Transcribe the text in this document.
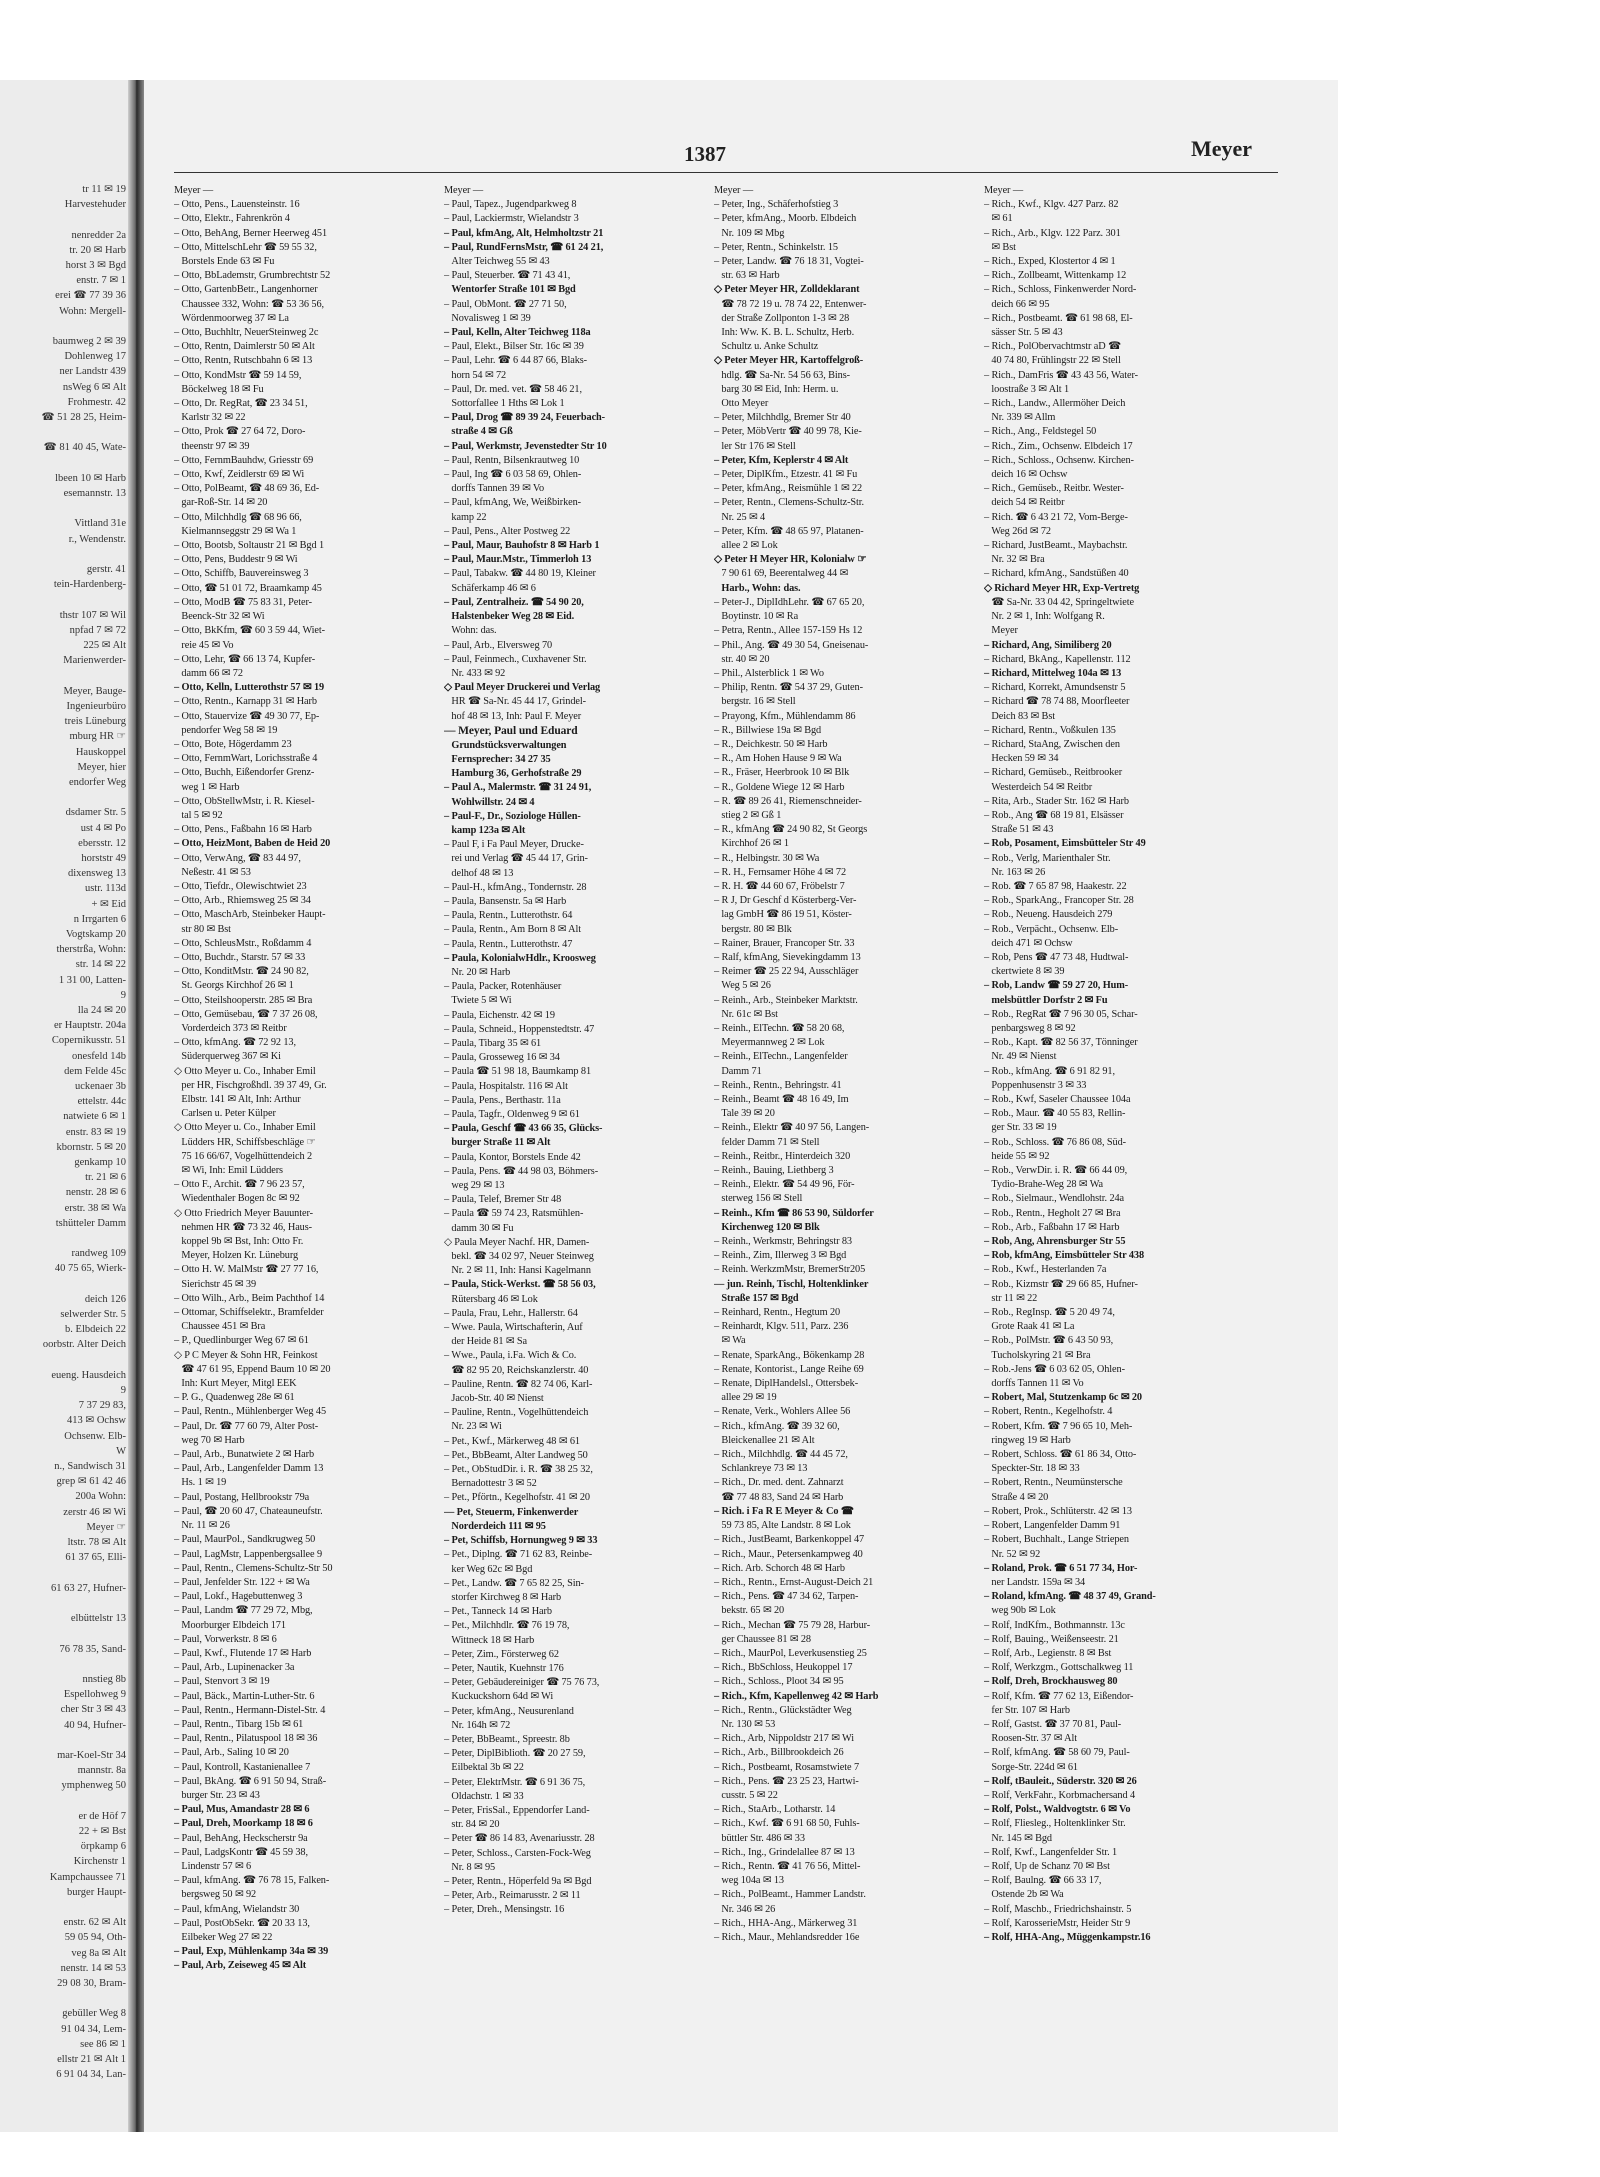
tr 11 ✉ 19
Harvestehuder

nenredder 2a
tr. 20 ✉ Harb
horst 3 ✉ Bgd
enstr. 7 ✉ 1
erei ☎ 77 39 36
Wohn: Mergell-

baumweg 2 ✉ 39
Dohlenweg 17
ner Landstr 439
nsWeg 6 ✉ Alt
Frohmestr. 42
☎ 51 28 25, Heim-

☎ 81 40 45, Wate-

lbeen 10 ✉ Harb
esemannstr. 13

Vittland 31e
r., Wendenstr.

gerstr. 41
tein-Hardenberg-

thstr 107 ✉ Wil
npfad 7 ✉ 72
225 ✉ Alt
Marienwerder-

Meyer, Bauge-
Ingenieurbüro
treis Lüneburg
mburg HR ☞
Hauskoppel
Meyer, hier
endorfer Weg

dsdamer Str. 5
ust 4 ✉ Po
ebersstr. 12
horststr 49
dixensweg 13
ustr. 113d
+ ✉ Eid
n Irrgarten 6
Vogtskamp 20
therstrßa, Wohn:
str. 14 ✉ 22
1 31 00, Latten-
9
lla 24 ✉ 20
er Hauptstr. 204a
Copernikusstr. 51
onesfeld 14b
dem Felde 45c
uckenaer 3b
ettelstr. 44c
natwiete 6 ✉ 1
enstr. 83 ✉ 19
kbornstr. 5 ✉ 20
genkamp 10
tr. 21 ✉ 6
nenstr. 28 ✉ 6
erstr. 38 ✉ Wa
tshütteler Damm

randweg 109
40 75 65, Wierk-

deich 126
selwerder Str. 5
b. Elbdeich 22
oorbstr. Alter Deich

eueng. Hausdeich
9
7 37 29 83,
413 ✉ Ochsw
Ochsenw. Elb-
W
n., Sandwisch 31
grep ✉ 61 42 46
200a Wohn:
zerstr 46 ✉ Wi
Meyer ☞
ltstr. 78 ✉ Alt
61 37 65, Elli-

61 63 27, Hufner-

elbüttelstr 13

76 78 35, Sand-

nnstieg 8b
Espellohweg 9
cher Str 3 ✉ 43
40 94, Hufner-

mar-Koel-Str 34
mannstr. 8a
ymphenweg 50

er de Höf 7
22 + ✉ Bst
örpkamp 6
Kirchenstr 1
Kampchaussee 71
burger Haupt-

enstr. 62 ✉ Alt
59 05 94, Oth-
veg 8a ✉ Alt
nenstr. 14 ✉ 53
29 08 30, Bram-

gebüller Weg 8
91 04 34, Lem-
see 86 ✉ 1
ellstr 21 ✉ Alt 1
6 91 04 34, Lan-
1387	Meyer
Meyer —
– Otto, Pens., Lauensteinstr. 16
– Otto, Elektr., Fahrenkrön 4
– Otto, BehAng, Berner Heerweg 451
– Otto, MittelschLehr ☎ 59 55 32,
Borstels Ende 63 ✉ Fu
– Otto, BbLademstr, Grumbrechtstr 52
– Otto, GartenbBetr., Langenhorner
Chaussee 332, Wohn: ☎ 53 36 56,
Wördenmoorweg 37 ✉ La
– Otto, Buchhltr, NeuerSteinweg 2c
– Otto, Rentn, Daimlerstr 50 ✉ Alt
– Otto, Rentn, Rutschbahn 6 ✉ 13
– Otto, KondMstr ☎ 59 14 59,
Böckelweg 18 ✉ Fu
– Otto, Dr. RegRat, ☎ 23 34 51,
Karlstr 32 ✉ 22
– Otto, Prok ☎ 27 64 72, Doro-
theenstr 97 ✉ 39
– Otto, FernmBauhdw, Griesstr 69
– Otto, Kwf, Zeidlerstr 69 ✉ Wi
– Otto, PolBeamt, ☎ 48 69 36, Ed-
gar-Roß-Str. 14 ✉ 20
– Otto, Milchhdlg ☎ 68 96 66,
Kielmannseggstr 29 ✉ Wa 1
– Otto, Bootsb, Soltaustr 21 ✉ Bgd 1
– Otto, Pens, Buddestr 9 ✉ Wi
– Otto, Schiffb, Bauvereinsweg 3
– Otto, ☎ 51 01 72, Braamkamp 45
– Otto, ModB ☎ 75 83 31, Peter-
Beenck-Str 32 ✉ Wi
– Otto, BkKfm, ☎ 60 3 59 44, Wiet-
reie 45 ✉ Vo
– Otto, Lehr, ☎ 66 13 74, Kupfer-
damm 66 ✉ 72
– Otto, Kelln, Lutterothstr 57 ✉ 19
– Otto, Rentn., Karnapp 31 ✉ Harb
– Otto, Stauervize ☎ 49 30 77, Ep-
pendorfer Weg 58 ✉ 19
– Otto, Bote, Högerdamm 23
– Otto, FernmWart, Lorichsstraße 4
– Otto, Buchh, Eißendorfer Grenz-
weg 1 ✉ Harb
– Otto, ObStellwMstr, i. R. Kiesel-
tal 5 ✉ 92
– Otto, Pens., Faßbahn 16 ✉ Harb
– Otto, HeizMont, Baben de Heid 20
– Otto, VerwAng, ☎ 83 44 97,
Neßestr. 41 ✉ 53
– Otto, Tiefdr., Olewischtwiet 23
– Otto, Arb., Rhiemsweg 25 ✉ 34
– Otto, MaschArb, Steinbeker Haupt-
str 80 ✉ Bst
– Otto, SchleusMstr., Roßdamm 4
– Otto, Buchdr., Starstr. 57 ✉ 33
– Otto, KonditMstr. ☎ 24 90 82,
St. Georgs Kirchhof 26 ✉ 1
– Otto, Steilshooperstr. 285 ✉ Bra
– Otto, Gemüsebau, ☎ 7 37 26 08,
Vorderdeich 373 ✉ Reitbr
– Otto, kfmAng. ☎ 72 92 13,
Süderquerweg 367 ✉ Ki
◇ Otto Meyer u. Co., Inhaber Emil
per HR, Fischgroßhdl. 39 37 49, Gr.
Elbstr. 141 ✉ Alt, Inh: Arthur
Carlsen u. Peter Külper
◇ Otto Meyer u. Co., Inhaber Emil
Lüdders HR, Schiffsbeschläge ☞
75 16 66/67, Vogelhüttendeich 2
✉ Wi, Inh: Emil Lüdders
– Otto F., Archit. ☎ 7 96 23 57,
Wiedenthaler Bogen 8c ✉ 92
◇ Otto Friedrich Meyer Bauunter-
nehmen HR ☎ 73 32 46, Haus-
koppel 9b ✉ Bst, Inh: Otto Fr.
Meyer, Holzen Kr. Lüneburg
– Otto H. W. MalMstr ☎ 27 77 16,
Sierichstr 45 ✉ 39
– Otto Wilh., Arb., Beim Pachthof 14
– Ottomar, Schiffselektr., Bramfelder
Chaussee 451 ✉ Bra
– P., Quedlinburger Weg 67 ✉ 61
◇ P C Meyer & Sohn HR, Feinkost
☎ 47 61 95, Eppend Baum 10 ✉ 20
Inh: Kurt Meyer, Mitgl EEK
– P. G., Quadenweg 28e ✉ 61
– Paul, Rentn., Mühlenberger Weg 45
– Paul, Dr. ☎ 77 60 79, Alter Post-
weg 70 ✉ Harb
– Paul, Arb., Bunatwiete 2 ✉ Harb
– Paul, Arb., Langenfelder Damm 13
Hs. 1 ✉ 19
– Paul, Postang, Hellbrookstr 79a
– Paul, ☎ 20 60 47, Chateauneufstr.
Nr. 11 ✉ 26
– Paul, MaurPol., Sandkrugweg 50
– Paul, LagMstr, Lappenbergsallee 9
– Paul, Rentn., Clemens-Schultz-Str 50
– Paul, Jenfelder Str. 122 + ✉ Wa
– Paul, Lokf., Hagebuttenweg 3
– Paul, Landm ☎ 77 29 72, Mbg,
Moorburger Elbdeich 171
– Paul, Vorwerkstr. 8 ✉ 6
– Paul, Kwf., Flutende 17 ✉ Harb
– Paul, Arb., Lupinenacker 3a
– Paul, Stenvort 3 ✉ 19
– Paul, Bäck., Martin-Luther-Str. 6
– Paul, Rentn., Hermann-Distel-Str. 4
– Paul, Rentn., Tibarg 15b ✉ 61
– Paul, Rentn., Pilatuspool 18 ✉ 36
– Paul, Arb., Saling 10 ✉ 20
– Paul, Kontroll, Kastanienallee 7
– Paul, BkAng. ☎ 6 91 50 94, Straß-
burger Str. 23 ✉ 43
– Paul, Mus, Amandastr 28 ✉ 6
– Paul, Dreh, Moorkamp 18 ✉ 6
– Paul, BehAng, Heckscherstr 9a
– Paul, LadgsKontr ☎ 45 59 38,
Lindenstr 57 ✉ 6
– Paul, kfmAng. ☎ 76 78 15, Falken-
bergsweg 50 ✉ 92
– Paul, kfmAng, Wielandstr 30
– Paul, PostObSekr. ☎ 20 33 13,
Eilbeker Weg 27 ✉ 22
– Paul, Exp, Mühlenkamp 34a ✉ 39
– Paul, Arb, Zeiseweg 45 ✉ Alt
Meyer —
– Paul, Tapez., Jugendparkweg 8
– Paul, Lackiermstr, Wielandstr 3
– Paul, kfmAng, Alt, Helmholtzstr 21
– Paul, RundFernsMstr, ☎ 61 24 21,
Alter Teichweg 55 ✉ 43
– Paul, Steuerber. ☎ 71 43 41,
Wentorfer Straße 101 ✉ Bgd
– Paul, ObMont. ☎ 27 71 50,
Novalisweg 1 ✉ 39
– Paul, Kelln, Alter Teichweg 118a
– Paul, Elekt., Bilser Str. 16c ✉ 39
– Paul, Lehr. ☎ 6 44 87 66, Blaks-
horn 54 ✉ 72
– Paul, Dr. med. vet. ☎ 58 46 21,
Sottorfallee 1 Hths ✉ Lok 1
– Paul, Drog ☎ 89 39 24, Feuerbach-
straße 4 ✉ Gß
– Paul, Werkmstr, Jevenstedter Str 10
– Paul, Rentn, Bilsenkrautweg 10
– Paul, Ing ☎ 6 03 58 69, Ohlen-
dorffs Tannen 39 ✉ Vo
– Paul, kfmAng, We, Weißbirken-
kamp 22
– Paul, Pens., Alter Postweg 22
– Paul, Maur, Bauhofstr 8 ✉ Harb 1
– Paul, Maur.Mstr., Timmerloh 13
– Paul, Tabakw. ☎ 44 80 19, Kleiner
Schäferkamp 46 ✉ 6
– Paul, Zentralheiz. ☎ 54 90 20,
Halstenbeker Weg 28 ✉ Eid.
Wohn: das.
– Paul, Arb., Elversweg 70
– Paul, Feinmech., Cuxhavener Str.
Nr. 433 ✉ 92
◇ Paul Meyer Druckerei und Verlag
HR ☎ Sa-Nr. 45 44 17, Grindel-
hof 48 ✉ 13, Inh: Paul F. Meyer
— Meyer, Paul und Eduard
Grundstücksverwaltungen
Fernsprecher: 34 27 35
Hamburg 36, Gerhofstraße 29
– Paul A., Malermstr. ☎ 31 24 91,
Wohlwillstr. 24 ✉ 4
– Paul-F., Dr., Soziologe Hüllen-
kamp 123a ✉ Alt
– Paul F, i Fa Paul Meyer, Drucke-
rei und Verlag ☎ 45 44 17, Grin-
delhof 48 ✉ 13
– Paul-H., kfmAng., Tondernstr. 28
– Paula, Bansenstr. 5a ✉ Harb
– Paula, Rentn., Lutterothstr. 64
– Paula, Rentn., Am Born 8 ✉ Alt
– Paula, Rentn., Lutterothstr. 47
– Paula, KolonialwHdlr., Kroosweg
Nr. 20 ✉ Harb
– Paula, Packer, Rotenhäuser
Twiete 5 ✉ Wi
– Paula, Eichenstr. 42 ✉ 19
– Paula, Schneid., Hoppenstedtstr. 47
– Paula, Tibarg 35 ✉ 61
– Paula, Grosseweg 16 ✉ 34
– Paula ☎ 51 98 18, Baumkamp 81
– Paula, Hospitalstr. 116 ✉ Alt
– Paula, Pens., Berthastr. 11a
– Paula, Tagfr., Oldenweg 9 ✉ 61
– Paula, Geschf ☎ 43 66 35, Glücks-
burger Straße 11 ✉ Alt
– Paula, Kontor, Borstels Ende 42
– Paula, Pens. ☎ 44 98 03, Böhmers-
weg 29 ✉ 13
– Paula, Telef, Bremer Str 48
– Paula ☎ 59 74 23, Ratsmühlen-
damm 30 ✉ Fu
◇ Paula Meyer Nachf. HR, Damen-
bekl. ☎ 34 02 97, Neuer Steinweg
Nr. 2 ✉ 11, Inh: Hansi Kagelmann
– Paula, Stick-Werkst. ☎ 58 56 03,
Rütersbarg 46 ✉ Lok
– Paula, Frau, Lehr., Hallerstr. 64
– Wwe. Paula, Wirtschafterin, Auf
der Heide 81 ✉ Sa
– Wwe., Paula, i.Fa. Wich & Co.
☎ 82 95 20, Reichskanzlerstr. 40
– Pauline, Rentn. ☎ 82 74 06, Karl-
Jacob-Str. 40 ✉ Nienst
– Pauline, Rentn., Vogelhüttendeich
Nr. 23 ✉ Wi
– Pet., Kwf., Märkerweg 48 ✉ 61
– Pet., BbBeamt, Alter Landweg 50
– Pet., ObStudDir. i. R. ☎ 38 25 32,
Bernadottestr 3 ✉ 52
– Pet., Pförtn., Kegelhofstr. 41 ✉ 20
— Pet, Steuerm, Finkenwerder
Norderdeich 111 ✉ 95
– Pet, Schiffsb, Hornungweg 9 ✉ 33
– Pet., Diplng. ☎ 71 62 83, Reinbe-
ker Weg 62c ✉ Bgd
– Pet., Landw. ☎ 7 65 82 25, Sin-
storfer Kirchweg 8 ✉ Harb
– Pet., Tanneck 14 ✉ Harb
– Pet., Milchhdlr. ☎ 76 19 78,
Wittneck 18 ✉ Harb
– Peter, Zim., Försterweg 62
– Peter, Nautik, Kuehnstr 176
– Peter, Gebäudereiniger ☎ 75 76 73,
Kuckuckshorn 64d ✉ Wi
– Peter, kfmAng., Neusurenland
Nr. 164h ✉ 72
– Peter, BbBeamt., Spreestr. 8b
– Peter, DiplBiblioth. ☎ 20 27 59,
Eilbektal 3b ✉ 22
– Peter, ElektrMstr. ☎ 6 91 36 75,
Oldachstr. 1 ✉ 33
– Peter, FrisSal., Eppendorfer Land-
str. 84 ✉ 20
– Peter ☎ 86 14 83, Avenariusstr. 28
– Peter, Schloss., Carsten-Fock-Weg
Nr. 8 ✉ 95
– Peter, Rentn., Höperfeld 9a ✉ Bgd
– Peter, Arb., Reimarusstr. 2 ✉ 11
– Peter, Dreh., Mensingstr. 16
Meyer —
– Peter, Ing., Schäferhofstieg 3
– Peter, kfmAng., Moorb. Elbdeich
Nr. 109 ✉ Mbg
– Peter, Rentn., Schinkelstr. 15
– Peter, Landw. ☎ 76 18 31, Vogtei-
str. 63 ✉ Harb
◇ Peter Meyer HR, Zolldeklarant
☎ 78 72 19 u. 78 74 22, Entenwer-
der Straße Zollponton 1-3 ✉ 28
Inh: Ww. K. B. L. Schultz, Herb.
Schultz u. Anke Schultz
◇ Peter Meyer HR, Kartoffelgroß-
hdlg. ☎ Sa-Nr. 54 56 63, Bins-
barg 30 ✉ Eid, Inh: Herm. u.
Otto Meyer
– Peter, Milchhdlg, Bremer Str 40
– Peter, MöbVertr ☎ 40 99 78, Kie-
ler Str 176 ✉ Stell
– Peter, Kfm, Keplerstr 4 ✉ Alt
– Peter, DiplKfm., Etzestr. 41 ✉ Fu
– Peter, kfmAng., Reismühle 1 ✉ 22
– Peter, Rentn., Clemens-Schultz-Str.
Nr. 25 ✉ 4
– Peter, Kfm. ☎ 48 65 97, Platanen-
allee 2 ✉ Lok
◇ Peter H Meyer HR, Kolonialw ☞
7 90 61 69, Beerentalweg 44 ✉
Harb., Wohn: das.
– Peter-J., DiplIdhLehr. ☎ 67 65 20,
Boytinstr. 10 ✉ Ra
– Petra, Rentn., Allee 157-159 Hs 12
– Phil., Ang. ☎ 49 30 54, Gneisenau-
str. 40 ✉ 20
– Phil., Alsterblick 1 ✉ Wo
– Philip, Rentn. ☎ 54 37 29, Guten-
bergstr. 16 ✉ Stell
– Prayong, Kfm., Mühlendamm 86
– R., Billwiese 19a ✉ Bgd
– R., Deichkestr. 50 ✉ Harb
– R., Am Hohen Hause 9 ✉ Wa
– R., Fräser, Heerbrook 10 ✉ Blk
– R., Goldene Wiege 12 ✉ Harb
– R. ☎ 89 26 41, Riemenschneider-
stieg 2 ✉ Gß 1
– R., kfmAng ☎ 24 90 82, St Georgs
Kirchhof 26 ✉ 1
– R., Helbingstr. 30 ✉ Wa
– R. H., Fernsamer Höhe 4 ✉ 72
– R. H. ☎ 44 60 67, Fröbelstr 7
– R J, Dr Geschf d Kösterberg-Ver-
lag GmbH ☎ 86 19 51, Köster-
bergstr. 80 ✉ Blk
– Rainer, Brauer, Francoper Str. 33
– Ralf, kfmAng, Sievekingdamm 13
– Reimer ☎ 25 22 94, Ausschläger
Weg 5 ✉ 26
– Reinh., Arb., Steinbeker Marktstr.
Nr. 61c ✉ Bst
– Reinh., ElTechn. ☎ 58 20 68,
Meyermannweg 2 ✉ Lok
– Reinh., ElTechn., Langenfelder
Damm 71
– Reinh., Rentn., Behringstr. 41
– Reinh., Beamt ☎ 48 16 49, Im
Tale 39 ✉ 20
– Reinh., Elektr ☎ 40 97 56, Langen-
felder Damm 71 ✉ Stell
– Reinh., Reitbr., Hinterdeich 320
– Reinh., Bauing, Liethberg 3
– Reinh., Elektr. ☎ 54 49 96, För-
sterweg 156 ✉ Stell
– Reinh., Kfm ☎ 86 53 90, Süldorfer
Kirchenweg 120 ✉ Blk
– Reinh., Werkmstr, Behringstr 83
– Reinh., Zim, Illerweg 3 ✉ Bgd
– Reinh. WerkzmMstr, BremerStr205
— jun. Reinh, Tischl, Holtenklinker
Straße 157 ✉ Bgd
– Reinhard, Rentn., Hegtum 20
– Reinhardt, Klgv. 511, Parz. 236
✉ Wa
– Renate, SparkAng., Bökenkamp 28
– Renate, Kontorist., Lange Reihe 69
– Renate, DiplHandelsl., Ottersbek-
allee 29 ✉ 19
– Renate, Verk., Wohlers Allee 56
– Rich., kfmAng. ☎ 39 32 60,
Bleickenallee 21 ✉ Alt
– Rich., Milchhdlg. ☎ 44 45 72,
Schlankreye 73 ✉ 13
– Rich., Dr. med. dent. Zahnarzt
☎ 77 48 83, Sand 24 ✉ Harb
– Rich. i Fa R E Meyer & Co ☎
59 73 85, Alte Landstr. 8 ✉ Lok
– Rich., JustBeamt, Barkenkoppel 47
– Rich., Maur., Petersenkampweg 40
– Rich. Arb. Schorch 48 ✉ Harb
– Rich., Rentn., Ernst-August-Deich 21
– Rich., Pens. ☎ 47 34 62, Tarpen-
bekstr. 65 ✉ 20
– Rich., Mechan ☎ 75 79 28, Harbur-
ger Chaussee 81 ✉ 28
– Rich., MaurPol, Leverkusenstieg 25
– Rich., BbSchloss, Heukoppel 17
– Rich., Schloss., Ploot 34 ✉ 95
– Rich., Kfm, Kapellenweg 42 ✉ Harb
– Rich., Rentn., Glückstädter Weg
Nr. 130 ✉ 53
– Rich., Arb, Nippoldstr 217 ✉ Wi
– Rich., Arb., Billbrookdeich 26
– Rich., Postbeamt, Rosamstwiete 7
– Rich., Pens. ☎ 23 25 23, Hartwi-
cusstr. 5 ✉ 22
– Rich., StaArb., Lotharstr. 14
– Rich., Kwf. ☎ 6 91 68 50, Fuhls-
büttler Str. 486 ✉ 33
– Rich., Ing., Grindelallee 87 ✉ 13
– Rich., Rentn. ☎ 41 76 56, Mittel-
weg 104a ✉ 13
– Rich., PolBeamt., Hammer Landstr.
Nr. 346 ✉ 26
– Rich., HHA-Ang., Märkerweg 31
– Rich., Maur., Mehlandsredder 16e
Meyer —
– Rich., Kwf., Klgv. 427 Parz. 82
✉ 61
– Rich., Arb., Klgv. 122 Parz. 301
✉ Bst
– Rich., Exped, Klostertor 4 ✉ 1
– Rich., Zollbeamt, Wittenkamp 12
– Rich., Schloss, Finkenwerder Nord-
deich 66 ✉ 95
– Rich., Postbeamt. ☎ 61 98 68, El-
sässer Str. 5 ✉ 43
– Rich., PolObervachtmstr aD ☎
40 74 80, Frühlingstr 22 ✉ Stell
– Rich., DamFris ☎ 43 43 56, Water-
loostraße 3 ✉ Alt 1
– Rich., Landw., Allermöher Deich
Nr. 339 ✉ Allm
– Rich., Ang., Feldstegel 50
– Rich., Zim., Ochsenw. Elbdeich 17
– Rich., Schloss., Ochsenw. Kirchen-
deich 16 ✉ Ochsw
– Rich., Gemüseb., Reitbr. Wester-
deich 54 ✉ Reitbr
– Rich. ☎ 6 43 21 72, Vom-Berge-
Weg 26d ✉ 72
– Richard, JustBeamt., Maybachstr.
Nr. 32 ✉ Bra
– Richard, kfmAng., Sandstüßen 40
◇ Richard Meyer HR, Exp-Vertretg
☎ Sa-Nr. 33 04 42, Springeltwiete
Nr. 2 ✉ 1, Inh: Wolfgang R.
Meyer
– Richard, Ang, Similiberg 20
– Richard, BkAng., Kapellenstr. 112
– Richard, Mittelweg 104a ✉ 13
– Richard, Korrekt, Amundsenstr 5
– Richard ☎ 78 74 88, Moorfleeter
Deich 83 ✉ Bst
– Richard, Rentn., Voßkulen 135
– Richard, StaAng, Zwischen den
Hecken 59 ✉ 34
– Richard, Gemüseb., Reitbrooker
Westerdeich 54 ✉ Reitbr
– Rita, Arb., Stader Str. 162 ✉ Harb
– Rob., Ang ☎ 68 19 81, Elsässer
Straße 51 ✉ 43
– Rob, Posament, Eimsbütteler Str 49
– Rob., Verlg, Marienthaler Str.
Nr. 163 ✉ 26
– Rob. ☎ 7 65 87 98, Haakestr. 22
– Rob., SparkAng., Francoper Str. 28
– Rob., Neueng. Hausdeich 279
– Rob., Verpächt., Ochsenw. Elb-
deich 471 ✉ Ochsw
– Rob, Pens ☎ 47 73 48, Hudtwal-
ckertwiete 8 ✉ 39
– Rob, Landw ☎ 59 27 20, Hum-
melsbüttler Dorfstr 2 ✉ Fu
– Rob., RegRat ☎ 7 96 30 05, Schar-
penbargsweg 8 ✉ 92
– Rob., Kapt. ☎ 82 56 37, Tönninger
Nr. 49 ✉ Nienst
– Rob., kfmAng. ☎ 6 91 82 91,
Poppenhusenstr 3 ✉ 33
– Rob., Kwf, Saseler Chaussee 104a
– Rob., Maur. ☎ 40 55 83, Rellin-
ger Str. 33 ✉ 19
– Rob., Schloss. ☎ 76 86 08, Süd-
heide 55 ✉ 92
– Rob., VerwDir. i. R. ☎ 66 44 09,
Tydio-Brahe-Weg 28 ✉ Wa
– Rob., Sielmaur., Wendlohstr. 24a
– Rob., Rentn., Hegholt 27 ✉ Bra
– Rob., Arb., Faßbahn 17 ✉ Harb
– Rob, Ang, Ahrensburger Str 55
– Rob, kfmAng, Eimsbütteler Str 438
– Rob., Kwf., Hesterlanden 7a
– Rob., Kizmstr ☎ 29 66 85, Hufner-
str 11 ✉ 22
– Rob., RegInsp. ☎ 5 20 49 74,
Grote Raak 41 ✉ La
– Rob., PolMstr. ☎ 6 43 50 93,
Tucholskyring 21 ✉ Bra
– Rob.-Jens ☎ 6 03 62 05, Ohlen-
dorffs Tannen 11 ✉ Vo
– Robert, Mal, Stutzenkamp 6c ✉ 20
– Robert, Rentn., Kegelhofstr. 4
– Robert, Kfm. ☎ 7 96 65 10, Meh-
ringweg 19 ✉ Harb
– Robert, Schloss. ☎ 61 86 34, Otto-
Speckter-Str. 18 ✉ 33
– Robert, Rentn., Neumünstersche
Straße 4 ✉ 20
– Robert, Prok., Schlüterstr. 42 ✉ 13
– Robert, Langenfelder Damm 91
– Robert, Buchhalt., Lange Striepen
Nr. 52 ✉ 92
– Roland, Prok. ☎ 6 51 77 34, Hor-
ner Landstr. 159a ✉ 34
– Roland, kfmAng. ☎ 48 37 49, Grand-
weg 90b ✉ Lok
– Rolf, IndKfm., Bothmannstr. 13c
– Rolf, Bauing., Weißenseestr. 21
– Rolf, Arb., Legienstr. 8 ✉ Bst
– Rolf, Werkzgm., Gottschalkweg 11
– Rolf, Dreh, Brockhausweg 80
– Rolf, Kfm. ☎ 77 62 13, Eißendor-
fer Str. 107 ✉ Harb
– Rolf, Gastst. ☎ 37 70 81, Paul-
Roosen-Str. 37 ✉ Alt
– Rolf, kfmAng. ☎ 58 60 79, Paul-
Sorge-Str. 224d ✉ 61
– Rolf, tBauleit., Süderstr. 320 ✉ 26
– Rolf, VerkFahr., Korbmachersand 4
– Rolf, Polst., Waldvogtstr. 6 ✉ Vo
– Rolf, Fliesleg., Holtenklinker Str.
Nr. 145 ✉ Bgd
– Rolf, Kwf., Langenfelder Str. 1
– Rolf, Up de Schanz 70 ✉ Bst
– Rolf, Baulng. ☎ 66 33 17,
Ostende 2b ✉ Wa
– Rolf, Maschb., Friedrichshainstr. 5
– Rolf, KarosserieMstr, Heider Str 9
– Rolf, HHA-Ang., Müggenkampstr.16
